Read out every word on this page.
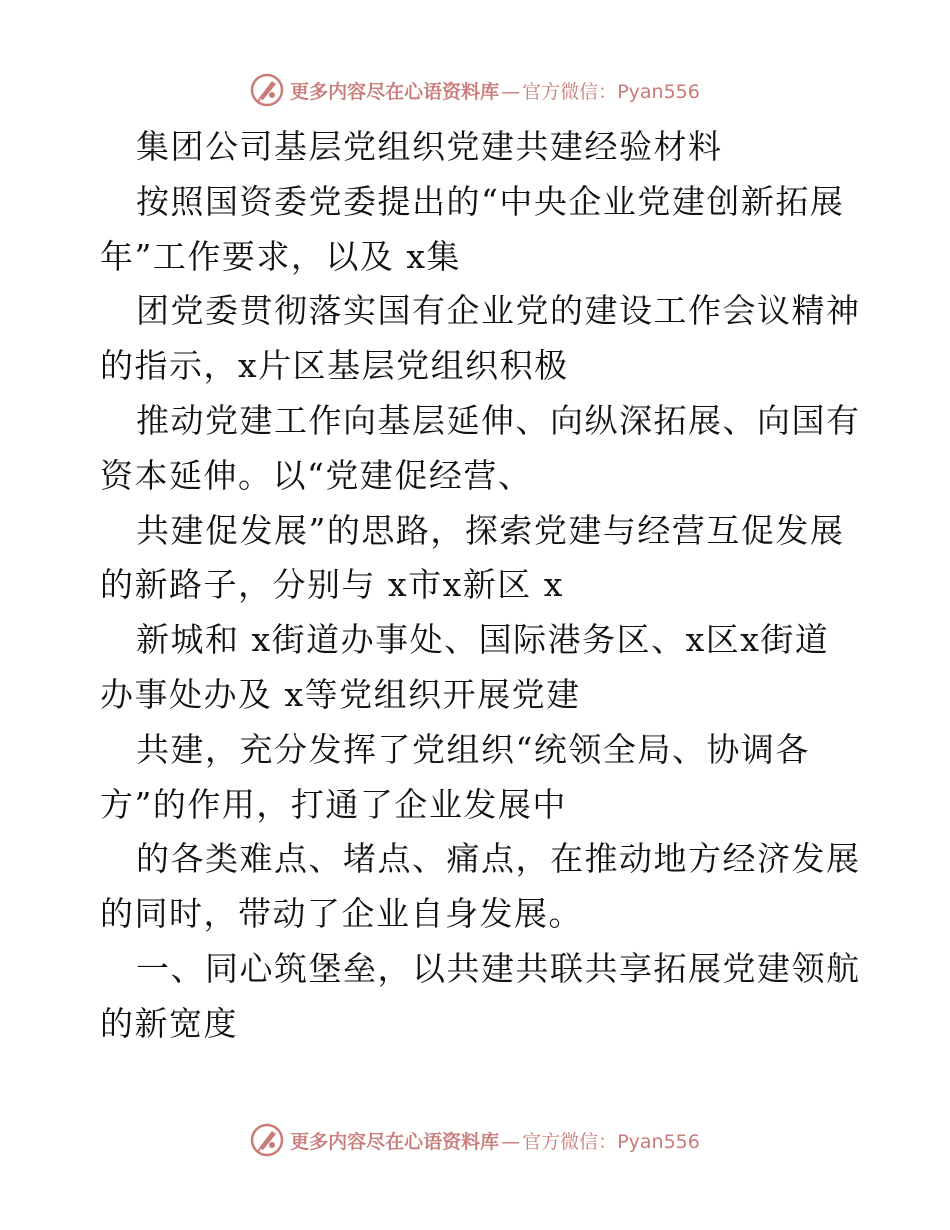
更多内容尽在心语资料库 — 官方微信：Pyan556
集团公司基层党组织党建共建经验材料
按照国资委党委提出的“中央企业党建创新拓展
年”工作要求，以及 x集
团党委贯彻落实国有企业党的建设工作会议精神
的指示，x片区基层党组织积极
推动党建工作向基层延伸、向纵深拓展、向国有
资本延伸。以“党建促经营、
共建促发展”的思路，探索党建与经营互促发展
的新路子，分别与 x市x新区 x
新城和 x街道办事处、国际港务区、x区x街道
办事处办及 x等党组织开展党建
共建，充分发挥了党组织“统领全局、协调各
方”的作用，打通了企业发展中
的各类难点、堵点、痛点，在推动地方经济发展
的同时，带动了企业自身发展。
一、同心筑堡垒，以共建共联共享拓展党建领航
的新宽度
更多内容尽在心语资料库 — 官方微信：Pyan556
